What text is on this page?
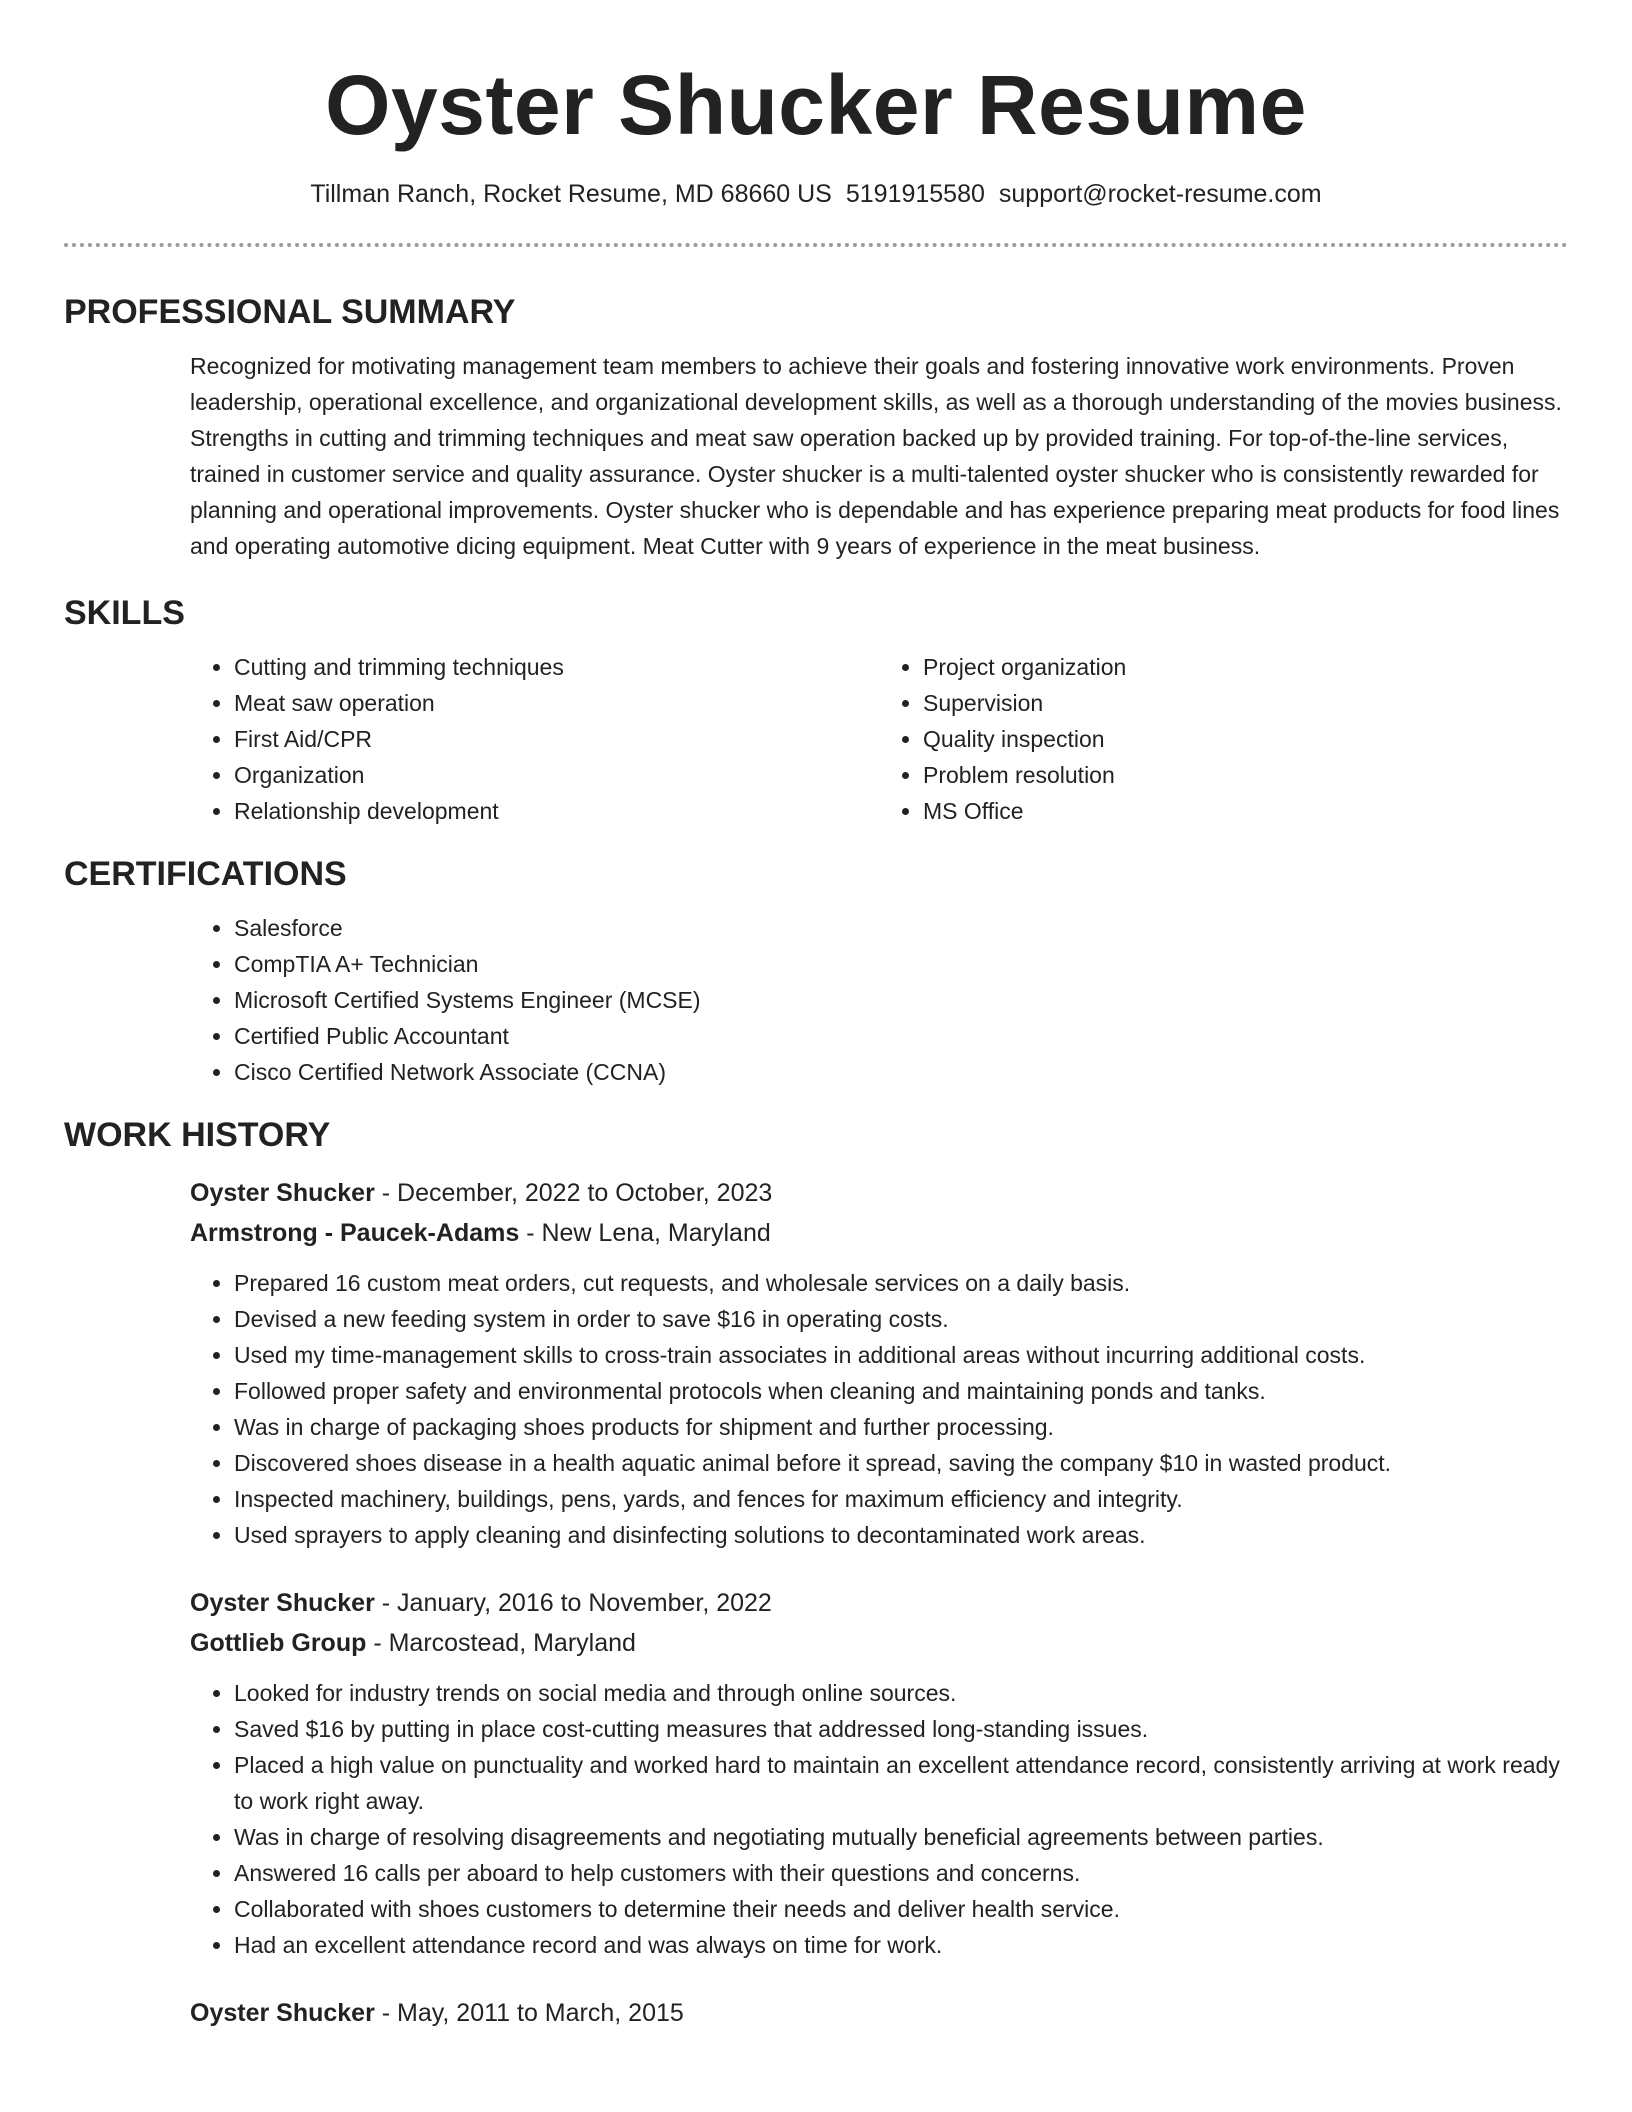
Oyster Shucker Resume
Tillman Ranch, Rocket Resume, MD 68660 US 5191915580 support@rocket-resume.com
PROFESSIONAL SUMMARY

Recognized for motivating management team members to achieve their goals and fostering innovative work environments. Proven leadership, operational excellence, and organizational development skills, as well as a thorough understanding of the movies business. Strengths in cutting and trimming techniques and meat saw operation backed up by provided training. For top-of-the-line services, trained in customer service and quality assurance. Oyster shucker is a multi-talented oyster shucker who is consistently rewarded for planning and operational improvements. Oyster shucker who is dependable and has experience preparing meat products for food lines and operating automotive dicing equipment. Meat Cutter with 9 years of experience in the meat business.

SKILLS
• Cutting and trimming techniques
• Meat saw operation
• First Aid/CPR
• Organization
• Relationship development
• Project organization
• Supervision
• Quality inspection
• Problem resolution
• MS Office
CERTIFICATIONS
• Salesforce
• CompTIA A+ Technician
• Microsoft Certified Systems Engineer (MCSE)
• Certified Public Accountant
• Cisco Certified Network Associate (CCNA)
WORK HISTORY
Oyster Shucker - December, 2022 to October, 2023
Armstrong - Paucek-Adams - New Lena, Maryland
• Prepared 16 custom meat orders, cut requests, and wholesale services on a daily basis.
• Devised a new feeding system in order to save $16 in operating costs.
• Used my time-management skills to cross-train associates in additional areas without incurring additional costs.
• Followed proper safety and environmental protocols when cleaning and maintaining ponds and tanks.
• Was in charge of packaging shoes products for shipment and further processing.
• Discovered shoes disease in a health aquatic animal before it spread, saving the company $10 in wasted product.
• Inspected machinery, buildings, pens, yards, and fences for maximum efficiency and integrity.
• Used sprayers to apply cleaning and disinfecting solutions to decontaminated work areas.
Oyster Shucker - January, 2016 to November, 2022
Gottlieb Group - Marcostead, Maryland
• Looked for industry trends on social media and through online sources.
• Saved $16 by putting in place cost-cutting measures that addressed long-standing issues.
• Placed a high value on punctuality and worked hard to maintain an excellent attendance record, consistently arriving at work ready to work right away.
• Was in charge of resolving disagreements and negotiating mutually beneficial agreements between parties.
• Answered 16 calls per aboard to help customers with their questions and concerns.
• Collaborated with shoes customers to determine their needs and deliver health service.
• Had an excellent attendance record and was always on time for work.
Oyster Shucker - May, 2011 to March, 2015
